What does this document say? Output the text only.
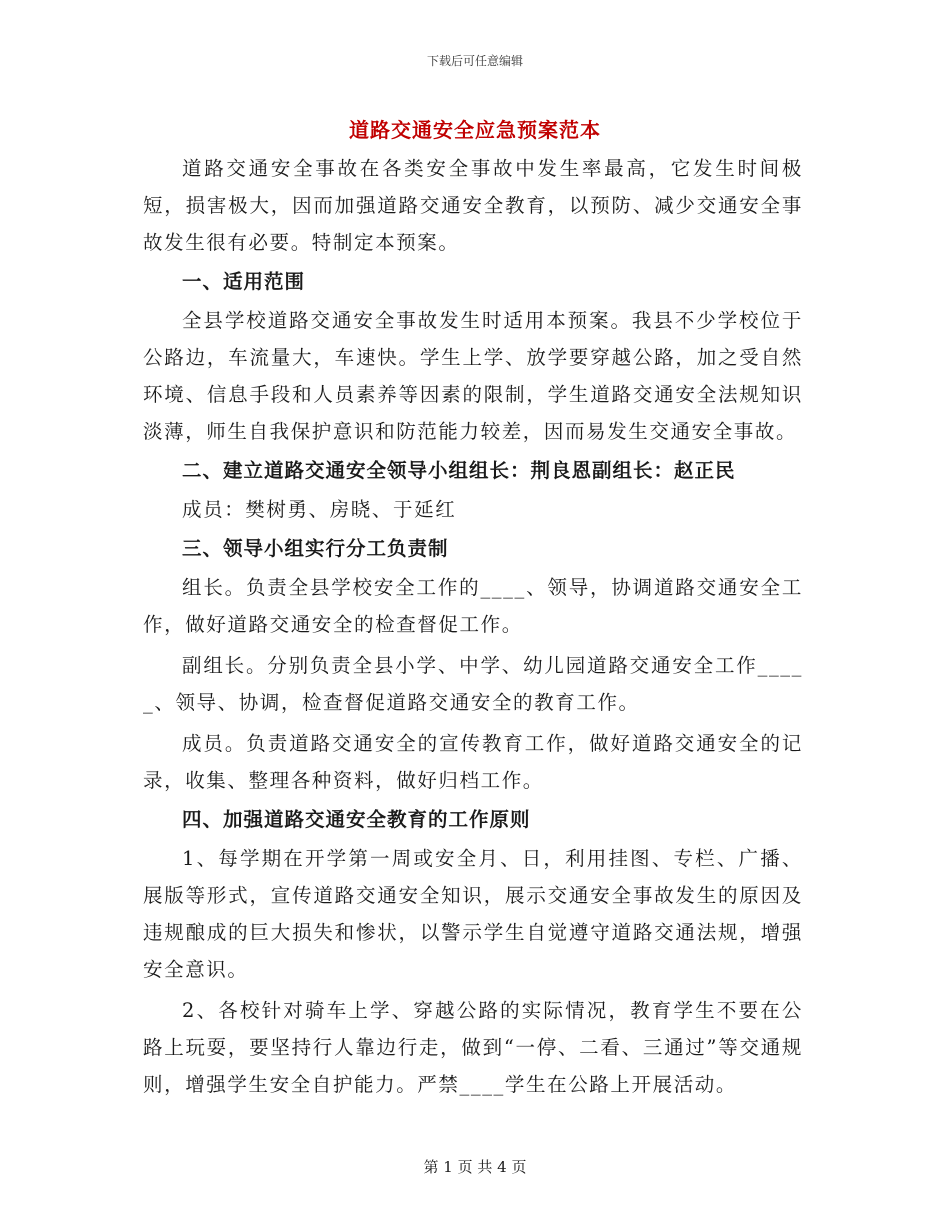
下载后可任意编辑
道路交通安全应急预案范本

道路交通安全事故在各类安全事故中发生率最高，它发生时间极短，损害极大，因而加强道路交通安全教育，以预防、减少交通安全事故发生很有必要。特制定本预案。

一、适用范围

全县学校道路交通安全事故发生时适用本预案。我县不少学校位于公路边，车流量大，车速快。学生上学、放学要穿越公路，加之受自然环境、信息手段和人员素养等因素的限制，学生道路交通安全法规知识淡薄，师生自我保护意识和防范能力较差，因而易发生交通安全事故。

二、建立道路交通安全领导小组组长：荆良恩副组长：赵正民

成员：樊树勇、房晓、于延红

三、领导小组实行分工负责制

组长。负责全县学校安全工作的____、领导，协调道路交通安全工作，做好道路交通安全的检查督促工作。

副组长。分别负责全县小学、中学、幼儿园道路交通安全工作_____、领导、协调，检查督促道路交通安全的教育工作。

成员。负责道路交通安全的宣传教育工作，做好道路交通安全的记录，收集、整理各种资料，做好归档工作。

四、加强道路交通安全教育的工作原则

1、每学期在开学第一周或安全月、日，利用挂图、专栏、广播、展版等形式，宣传道路交通安全知识，展示交通安全事故发生的原因及违规酿成的巨大损失和惨状，以警示学生自觉遵守道路交通法规，增强安全意识。

2、各校针对骑车上学、穿越公路的实际情况，教育学生不要在公路上玩耍，要坚持行人靠边行走，做到“一停、二看、三通过”等交通规则，增强学生安全自护能力。严禁____学生在公路上开展活动。

第 1 页 共 4 页
